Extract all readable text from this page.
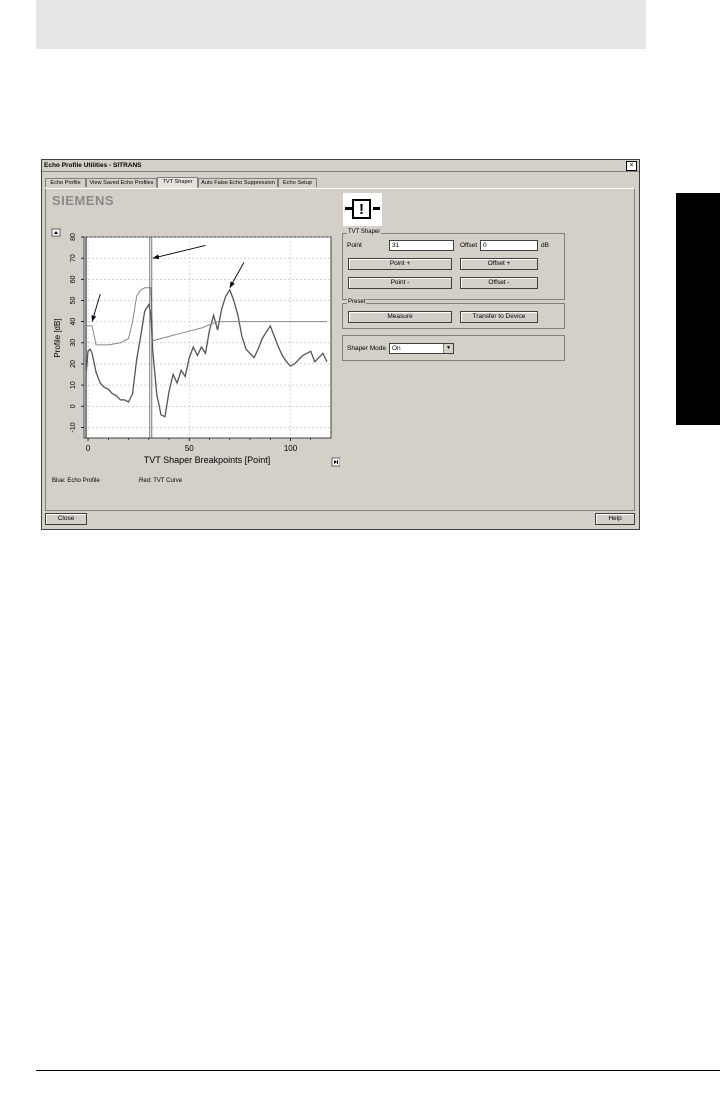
Echo Profile Utilities - SITRANS	×
Echo Profile	View Saved Echo Profiles	TVT Shaper	Auto False Echo Suppression	Echo Setup
SIEMENS
!
-10
0
10
20
30
40
50
60
70
80
0	50	100
TVT Shaper Breakpoints [Point]
Profile [dB]
TVT Shaper
Point	31	Offset 0	dB
Point +	Offset +
Point -	Offset -
Preset
Measure	Transfer to Device
Shaper Mode On	▼
Blue: Echo Profile	Red: TVT Curve
Close	Help
